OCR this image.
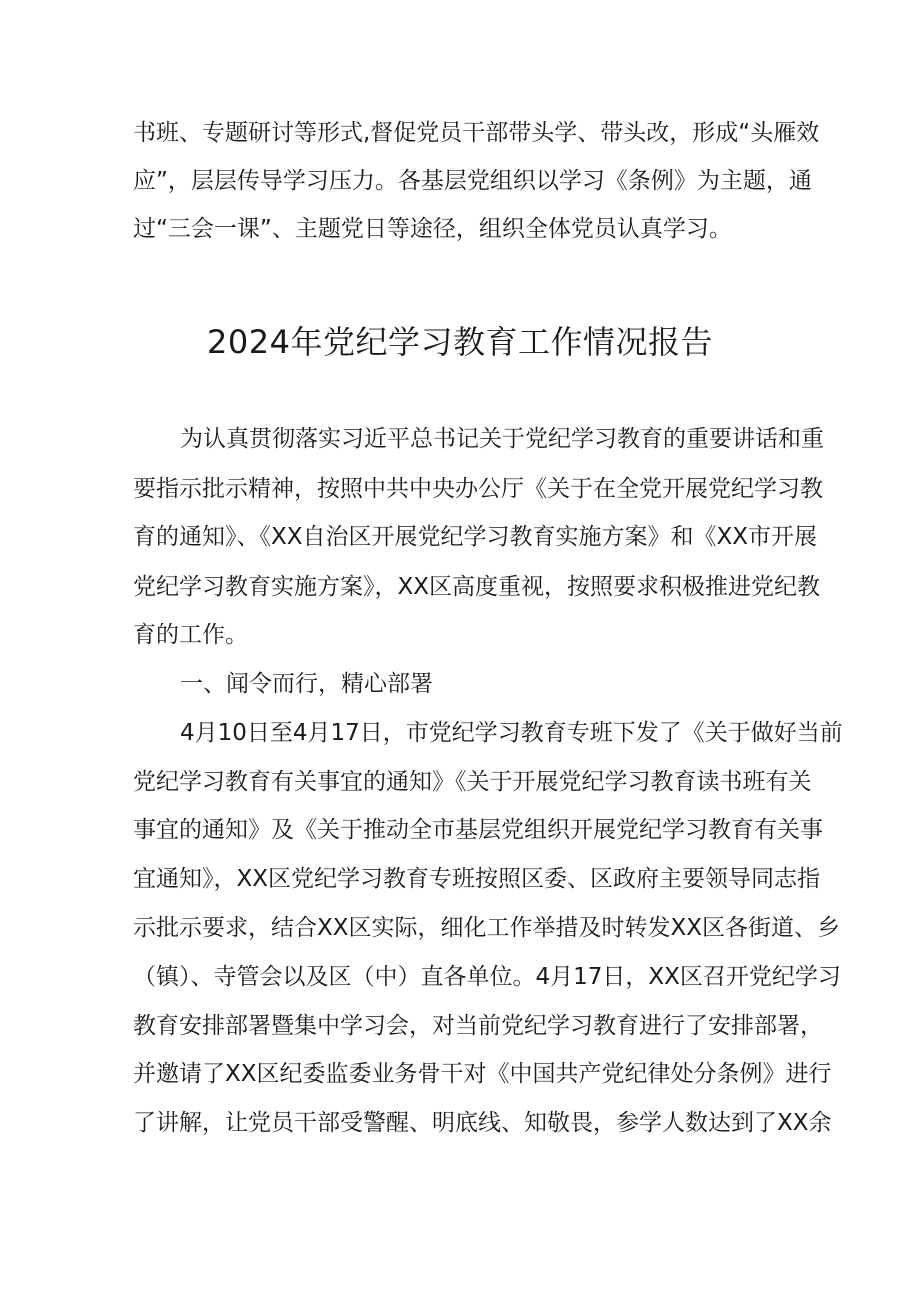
书班、专题研讨等形式,督促党员干部带头学、带头改，形成“头雁效
应”，层层传导学习压力。各基层党组织以学习《条例》为主题，通
过“三会一课”、主题党日等途径，组织全体党员认真学习。
2024年党纪学习教育工作情况报告
为认真贯彻落实习近平总书记关于党纪学习教育的重要讲话和重
要指示批示精神，按照中共中央办公厅《关于在全党开展党纪学习教
育的通知》、《XX自治区开展党纪学习教育实施方案》和《XX市开展
党纪学习教育实施方案》，XX区高度重视，按照要求积极推进党纪教
育的工作。
一、闻令而行，精心部署
4月10日至4月17日，市党纪学习教育专班下发了《关于做好当前
党纪学习教育有关事宜的通知》《关于开展党纪学习教育读书班有关
事宜的通知》及《关于推动全市基层党组织开展党纪学习教育有关事
宜通知》，XX区党纪学习教育专班按照区委、区政府主要领导同志指
示批示要求，结合XX区实际，细化工作举措及时转发XX区各街道、乡
（镇）、寺管会以及区（中）直各单位。4月17日，XX区召开党纪学习
教育安排部署暨集中学习会，对当前党纪学习教育进行了安排部署，
并邀请了XX区纪委监委业务骨干对《中国共产党纪律处分条例》进行
了讲解，让党员干部受警醒、明底线、知敬畏，参学人数达到了XX余
